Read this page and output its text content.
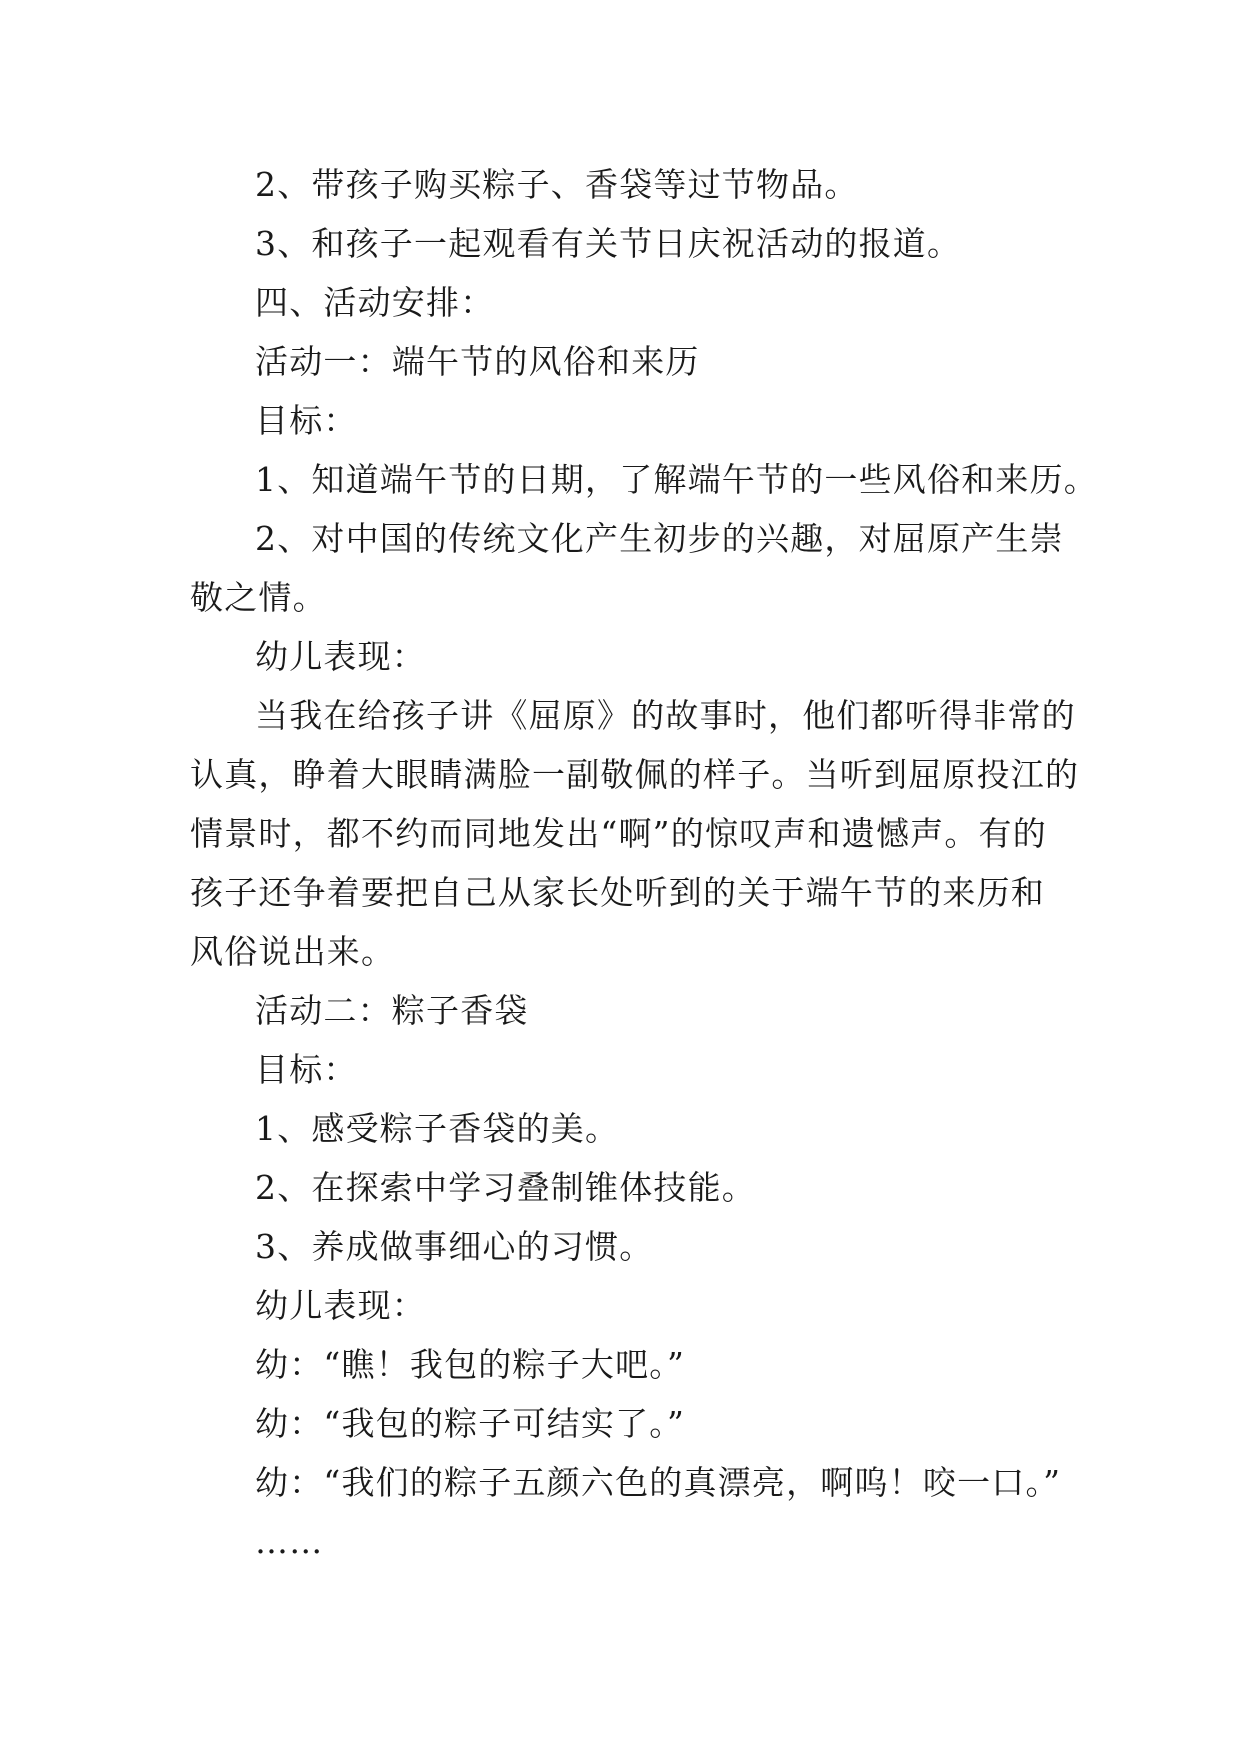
2、带孩子购买粽子、香袋等过节物品。
3、和孩子一起观看有关节日庆祝活动的报道。
四、活动安排：
活动一：端午节的风俗和来历
目标：
1、知道端午节的日期，了解端午节的一些风俗和来历。
2、对中国的传统文化产生初步的兴趣，对屈原产生崇
敬之情。
幼儿表现：
当我在给孩子讲《屈原》的故事时，他们都听得非常的
认真，睁着大眼睛满脸一副敬佩的样子。当听到屈原投江的
情景时，都不约而同地发出“啊”的惊叹声和遗憾声。有的
孩子还争着要把自己从家长处听到的关于端午节的来历和
风俗说出来。
活动二：粽子香袋
目标：
1、感受粽子香袋的美。
2、在探索中学习叠制锥体技能。
3、养成做事细心的习惯。
幼儿表现：
幼：“瞧！我包的粽子大吧。”
幼：“我包的粽子可结实了。”
幼：“我们的粽子五颜六色的真漂亮，啊呜！咬一口。”
……
